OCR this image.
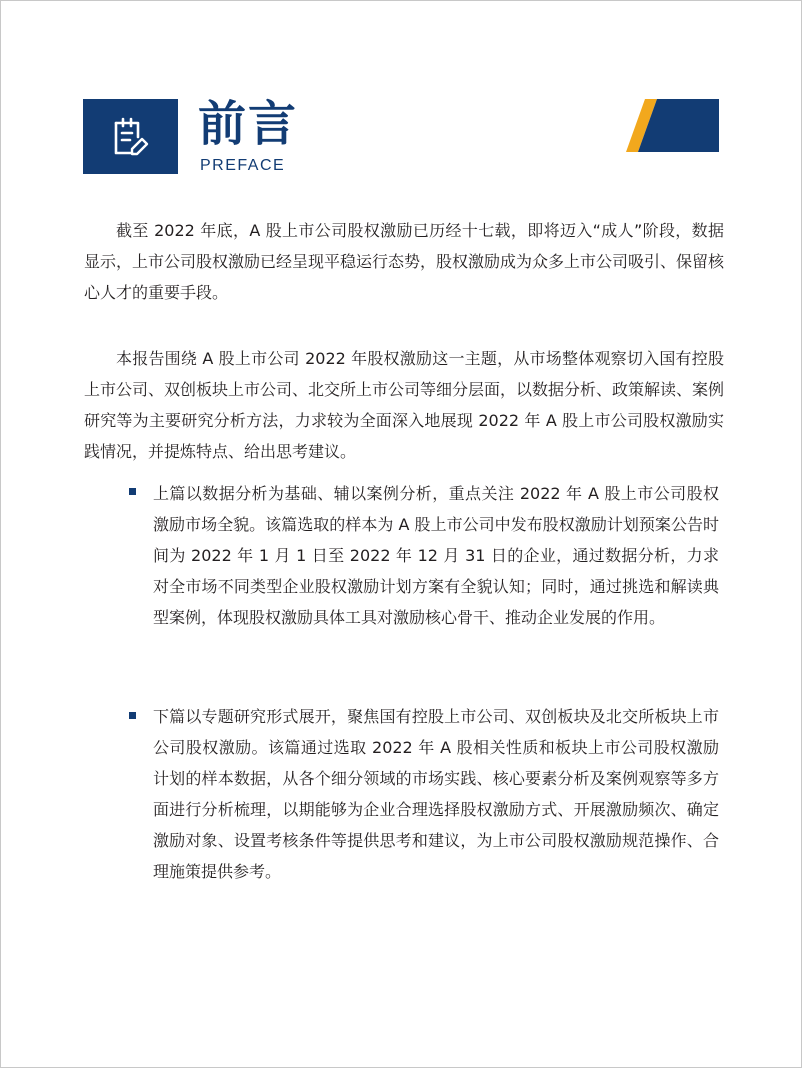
前言
PREFACE

截至 2022 年底，A 股上市公司股权激励已历经十七载，即将迈入“成人”阶段，数据显示，上市公司股权激励已经呈现平稳运行态势，股权激励成为众多上市公司吸引、保留核心人才的重要手段。

本报告围绕 A 股上市公司 2022 年股权激励这一主题，从市场整体观察切入国有控股上市公司、双创板块上市公司、北交所上市公司等细分层面，以数据分析、政策解读、案例研究等为主要研究分析方法，力求较为全面深入地展现 2022 年 A 股上市公司股权激励实践情况，并提炼特点、给出思考建议。

上篇以数据分析为基础、辅以案例分析，重点关注 2022 年 A 股上市公司股权激励市场全貌。该篇选取的样本为 A 股上市公司中发布股权激励计划预案公告时间为 2022 年 1 月 1 日至 2022 年 12 月 31 日的企业，通过数据分析，力求对全市场不同类型企业股权激励计划方案有全貌认知；同时，通过挑选和解读典型案例，体现股权激励具体工具对激励核心骨干、推动企业发展的作用。

下篇以专题研究形式展开，聚焦国有控股上市公司、双创板块及北交所板块上市公司股权激励。该篇通过选取 2022 年 A 股相关性质和板块上市公司股权激励计划的样本数据，从各个细分领域的市场实践、核心要素分析及案例观察等多方面进行分析梳理，以期能够为企业合理选择股权激励方式、开展激励频次、确定激励对象、设置考核条件等提供思考和建议，为上市公司股权激励规范操作、合理施策提供参考。
